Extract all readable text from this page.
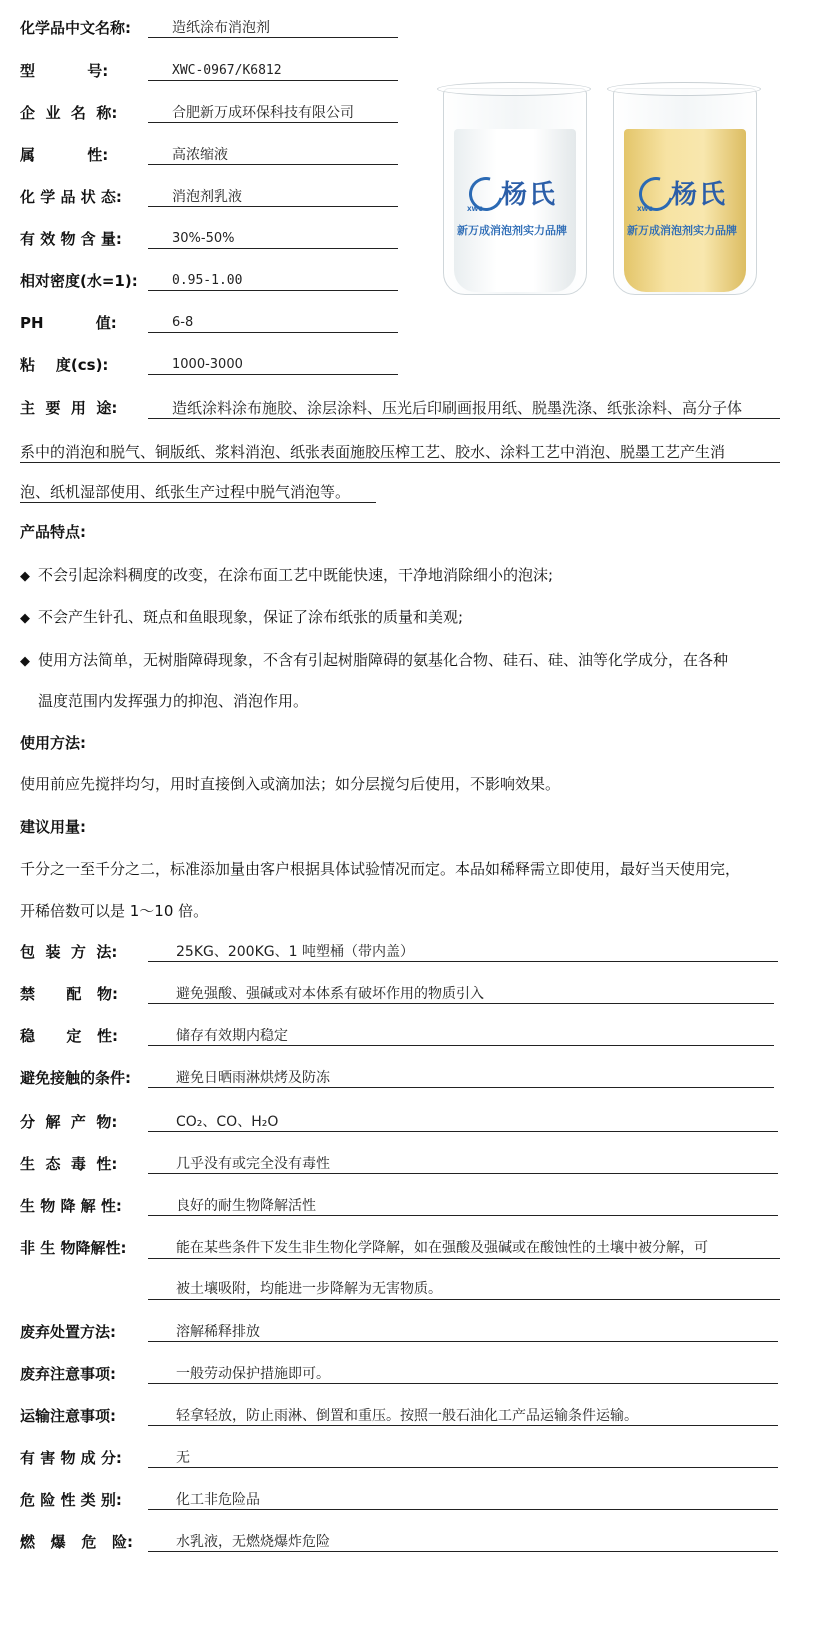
化学品中文名称:	造纸涂布消泡剂
型          号:	XWC-0967/K6812
企  业  名  称:	合肥新万成环保科技有限公司
属          性:	高浓缩液
化 学 品 状 态:	消泡剂乳液
有 效 物 含 量:	30%-50%
相对密度(水=1):	0.95-1.00
PH          值:	6-8
粘    度(cs):	1000-3000
杨氏
XWC
新万成消泡剂实力品牌
杨氏
XWC
新万成消泡剂实力品牌
主  要  用  途:	造纸涂料涂布施胶、涂层涂料、压光后印刷画报用纸、脱墨洗涤、纸张涂料、高分子体
系中的消泡和脱气、铜版纸、浆料消泡、纸张表面施胶压榨工艺、胶水、涂料工艺中消泡、脱墨工艺产生消
泡、纸机湿部使用、纸张生产过程中脱气消泡等。
产品特点:
◆ 不会引起涂料稠度的改变，在涂布面工艺中既能快速，干净地消除细小的泡沫;
◆ 不会产生针孔、斑点和鱼眼现象，保证了涂布纸张的质量和美观;
◆ 使用方法简单，无树脂障碍现象，不含有引起树脂障碍的氨基化合物、硅石、硅、油等化学成分，在各种
温度范围内发挥强力的抑泡、消泡作用。
使用方法:
使用前应先搅拌均匀，用时直接倒入或滴加法；如分层搅匀后使用，不影响效果。
建议用量:
千分之一至千分之二，标准添加量由客户根据具体试验情况而定。本品如稀释需立即使用，最好当天使用完，
开稀倍数可以是 1～10 倍。
包  装  方  法:	25KG、200KG、1 吨塑桶（带内盖）
禁      配   物:	避免强酸、强碱或对本体系有破坏作用的物质引入
稳      定   性:	储存有效期内稳定
避免接触的条件:	避免日晒雨淋烘烤及防冻
分  解  产  物:	CO₂、CO、H₂O
生  态  毒  性:	几乎没有或完全没有毒性
生 物 降 解 性:	良好的耐生物降解活性
非 生 物降解性:	能在某些条件下发生非生物化学降解，如在强酸及强碱或在酸蚀性的土壤中被分解，可
被土壤吸附，均能进一步降解为无害物质。
废弃处置方法:	溶解稀释排放
废弃注意事项:	一般劳动保护措施即可。
运输注意事项:	轻拿轻放，防止雨淋、倒置和重压。按照一般石油化工产品运输条件运输。
有 害 物 成 分:	无
危 险 性 类 别:	化工非危险品
燃   爆   危   险:	水乳液，无燃烧爆炸危险
